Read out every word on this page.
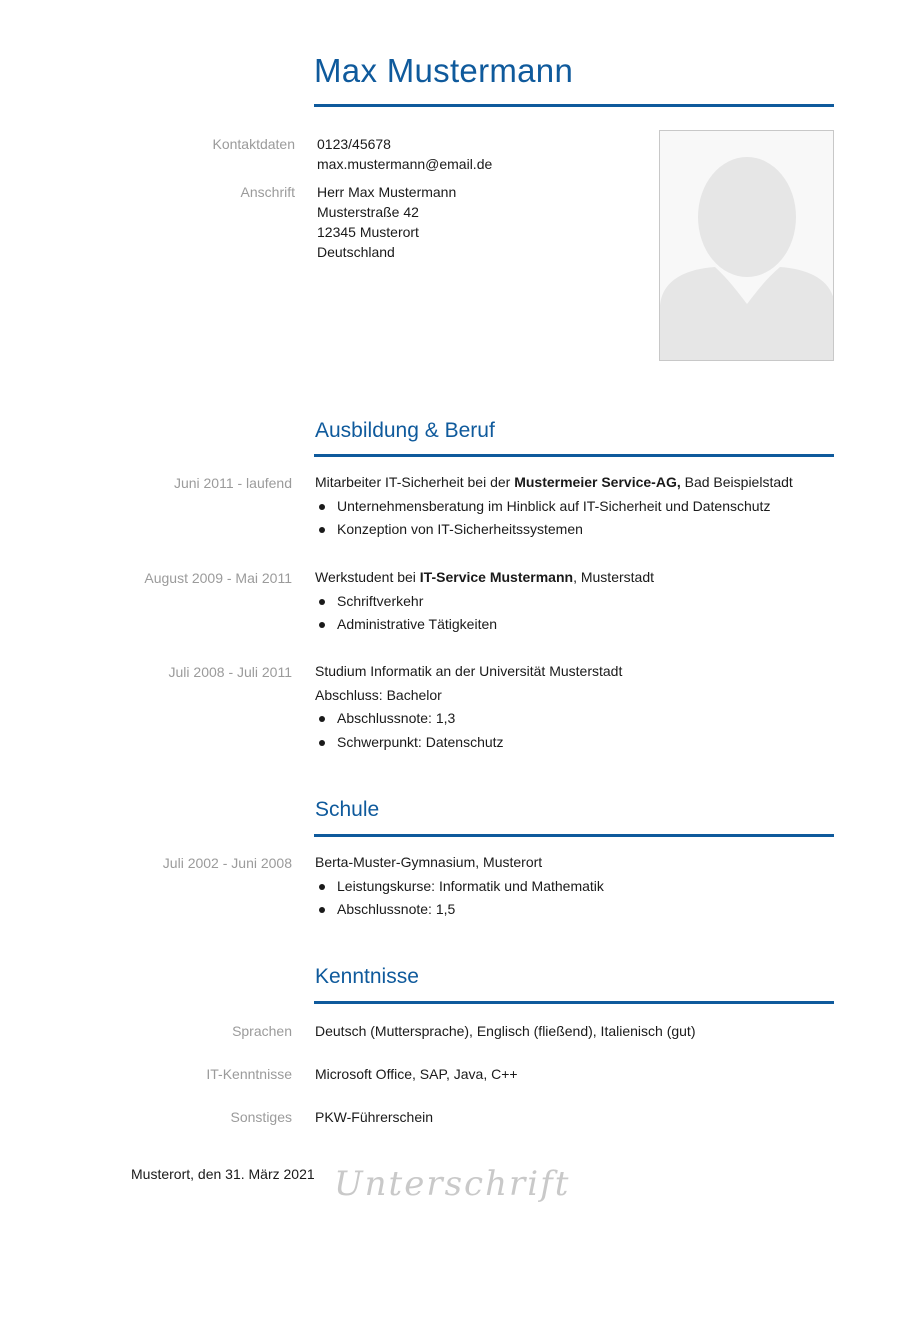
Max Mustermann
Kontaktdaten 0123/45678
max.mustermann@email.de
Anschrift Herr Max Mustermann
Musterstraße 42
12345 Musterort
Deutschland
Ausbildung & Beruf
Juni 2011 - laufend Mitarbeiter IT-Sicherheit bei der Mustermeier Service-AG, Bad Beispielstadt
Unternehmensberatung im Hinblick auf IT-Sicherheit und Datenschutz
Konzeption von IT-Sicherheitssystemen
August 2009 - Mai 2011 Werkstudent bei IT-Service Mustermann, Musterstadt
Schriftverkehr
Administrative Tätigkeiten
Juli 2008 - Juli 2011 Studium Informatik an der Universität Musterstadt
Abschluss: Bachelor
Abschlussnote: 1,3
Schwerpunkt: Datenschutz
Schule
Juli 2002 - Juni 2008 Berta-Muster-Gymnasium, Musterort
Leistungskurse: Informatik und Mathematik
Abschlussnote: 1,5
Kenntnisse
Sprachen Deutsch (Muttersprache), Englisch (fließend), Italienisch (gut)
IT-Kenntnisse Microsoft Office, SAP, Java, C++
Sonstiges PKW-Führerschein
Musterort, den 31. März 2021 Unterschrift
